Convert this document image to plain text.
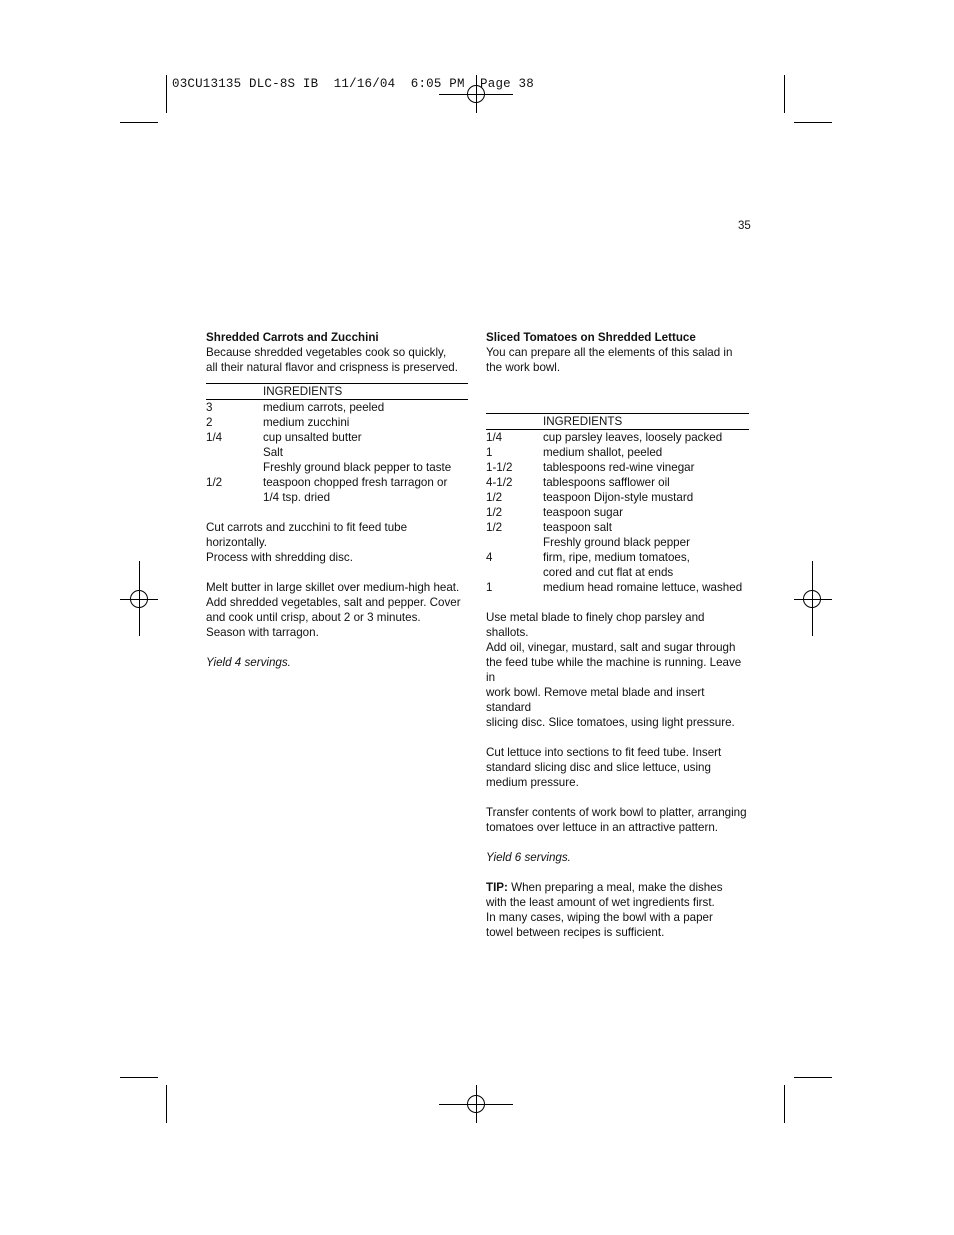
03CU13135 DLC-8S IB  11/16/04  6:05 PM  Page 38
35

Shredded Carrots and Zucchini

Because shredded vegetables cook so quickly,

all their natural flavor and crispness is preserved.

	INGREDIENTS
3	medium carrots, peeled
2	medium zucchini
1/4	cup unsalted butter
	Salt
	Freshly ground black pepper to taste
1/2	teaspoon chopped fresh tarragon or
	1/4 tsp. dried

Cut carrots and zucchini to fit feed tube horizontally.

Process with shredding disc.

Melt butter in large skillet over medium-high heat.

Add shredded vegetables, salt and pepper. Cover

and cook until crisp, about 2 or 3 minutes.

Season with tarragon.

Yield 4 servings.

Sliced Tomatoes on Shredded Lettuce

You can prepare all the elements of this salad in

the work bowl.

	INGREDIENTS
1/4	cup parsley leaves, loosely packed
1	medium shallot, peeled
1-1/2	tablespoons red-wine vinegar
4-1/2	tablespoons safflower oil
1/2	teaspoon Dijon-style mustard
1/2	teaspoon sugar
1/2	teaspoon salt
	Freshly ground black pepper
4	firm, ripe, medium tomatoes,
	cored and cut flat at ends
1	medium head romaine lettuce, washed

Use metal blade to finely chop parsley and shallots.

Add oil, vinegar, mustard, salt and sugar through

the feed tube while the machine is running. Leave in

work bowl. Remove metal blade and insert standard

slicing disc. Slice tomatoes, using light pressure.

Cut lettuce into sections to fit feed tube. Insert

standard slicing disc and slice lettuce, using

medium pressure.

Transfer contents of work bowl to platter, arranging

tomatoes over lettuce in an attractive pattern.

Yield 6 servings.

TIP: When preparing a meal, make the dishes

with the least amount of wet ingredients first.

In many cases, wiping the bowl with a paper

towel between recipes is sufficient.
